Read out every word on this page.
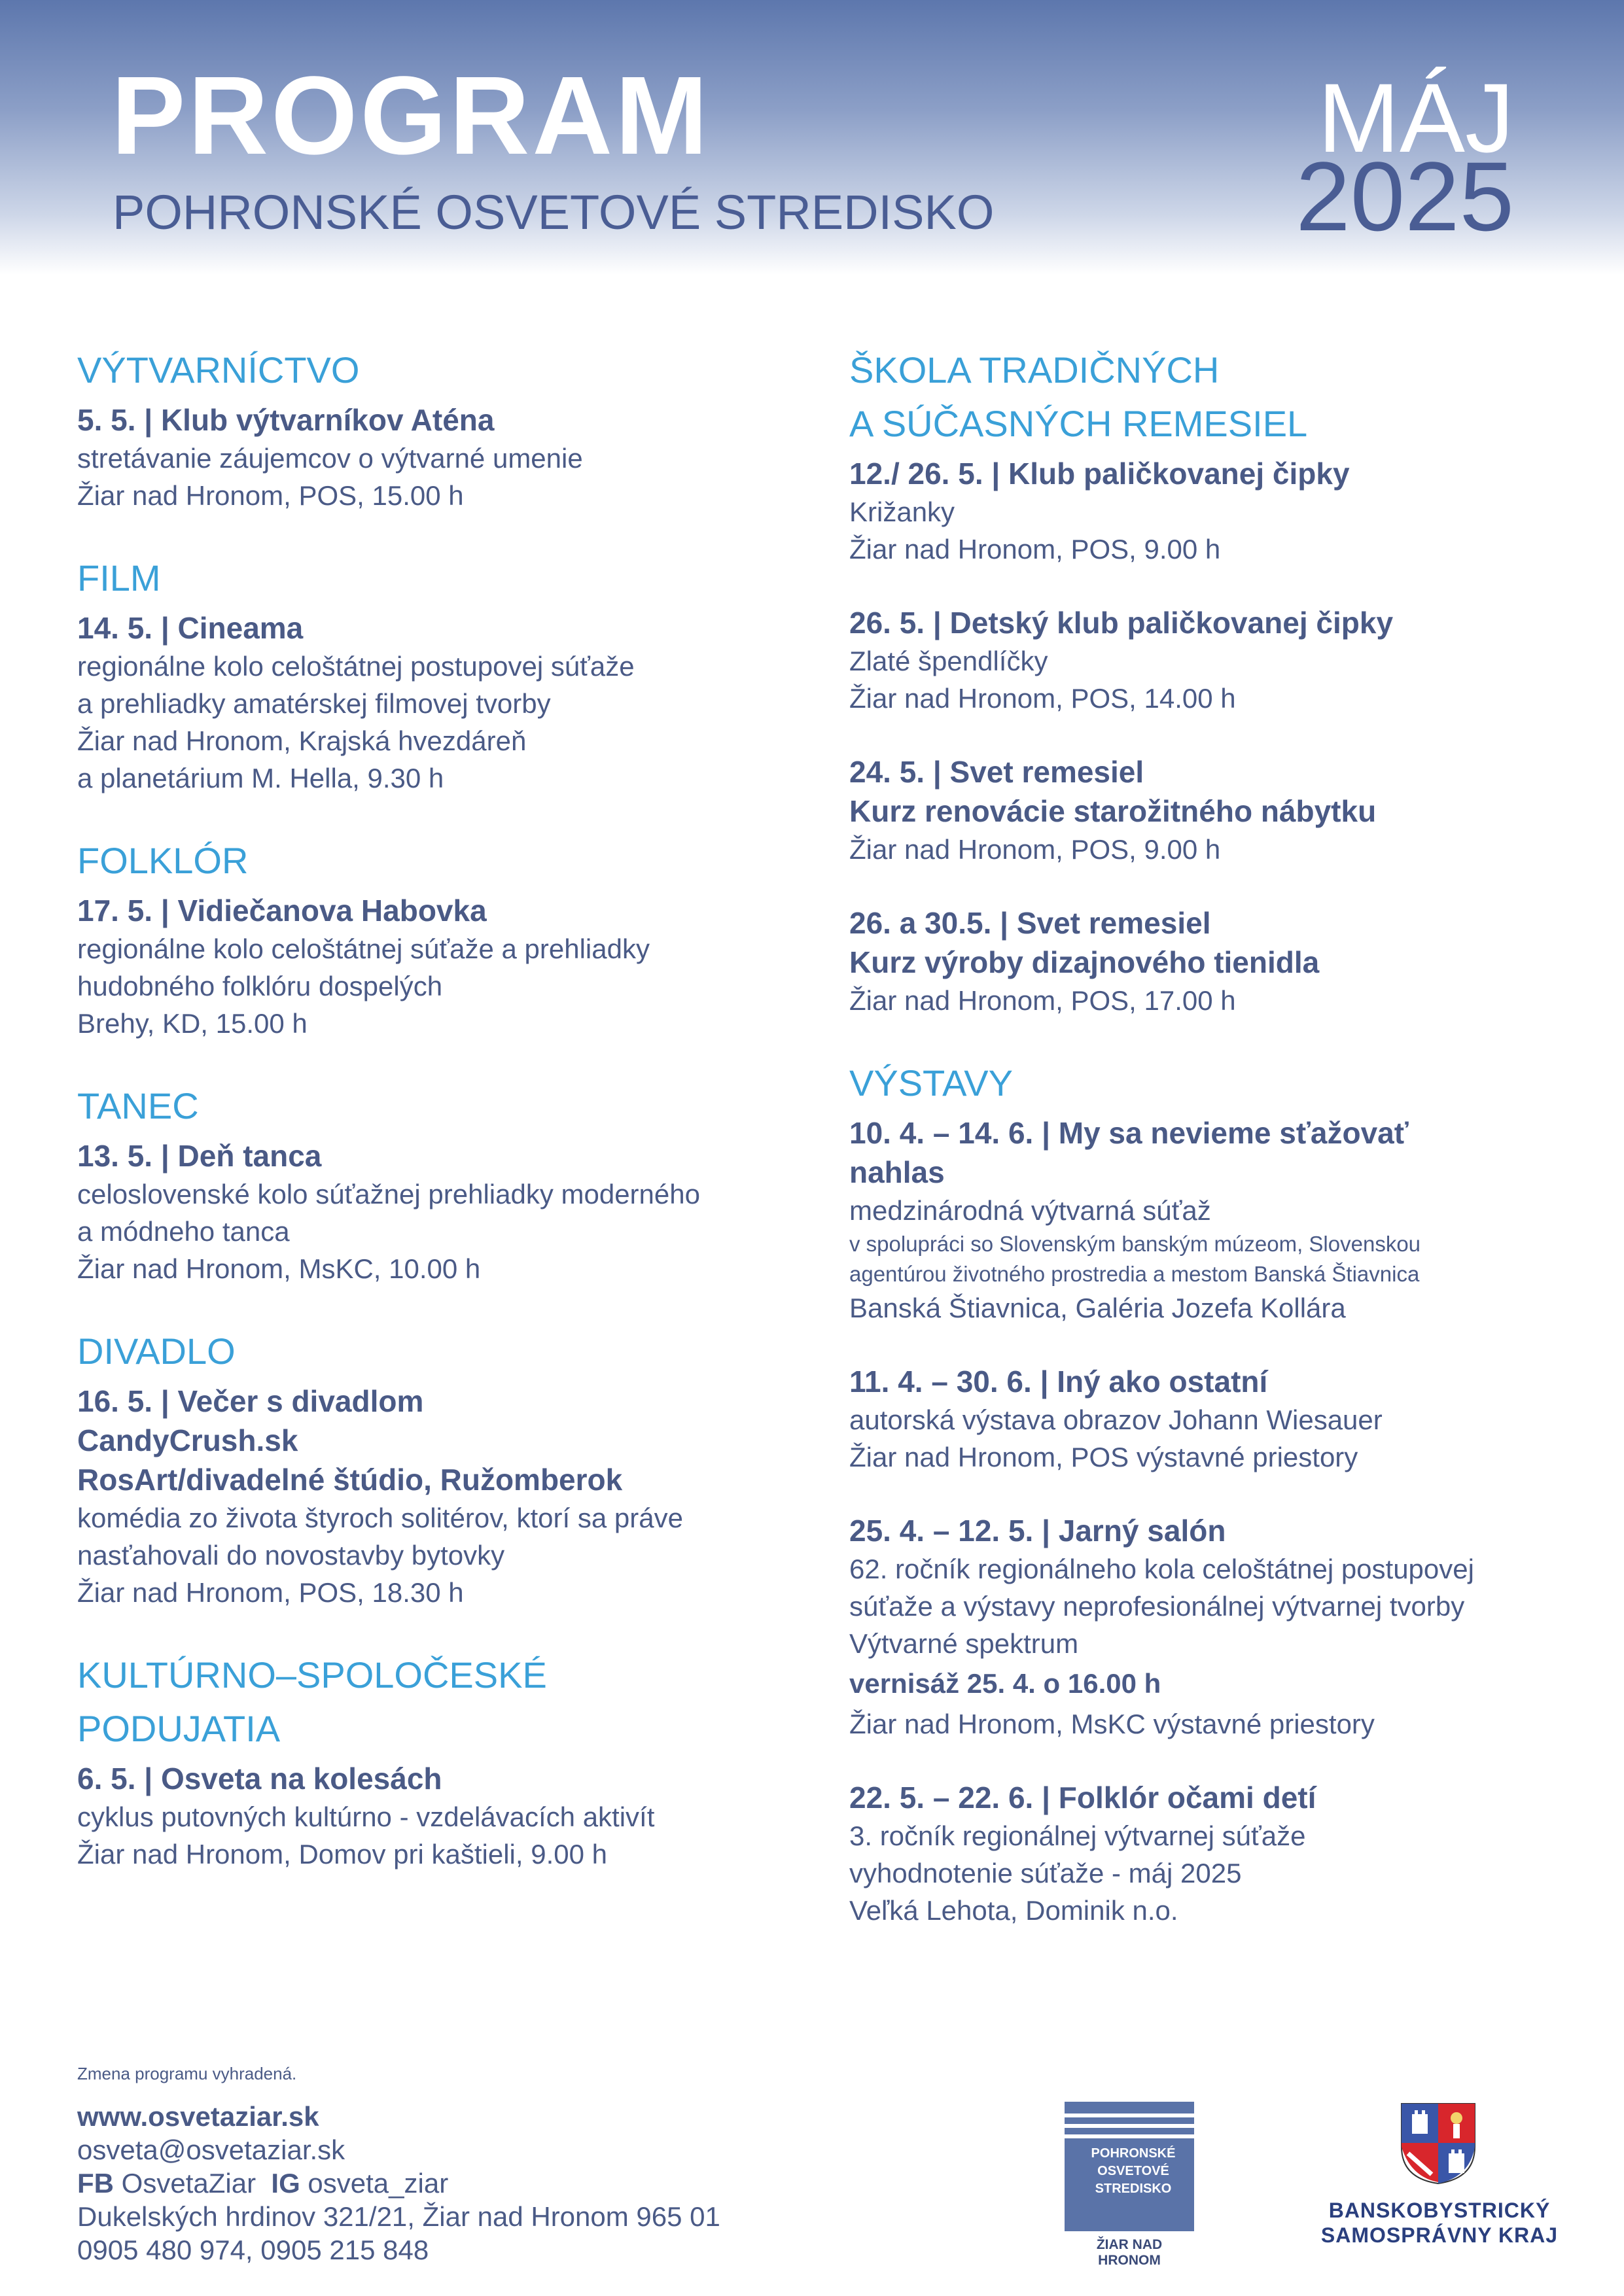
PROGRAM
POHRONSKÉ OSVETOVÉ STREDISKO
MÁJ
2025
VÝTVARNÍCTVO
5. 5. | Klub výtvarníkov Aténa
stretávanie záujemcov o výtvarné umenie
Žiar nad Hronom, POS, 15.00 h
FILM
14. 5. | Cineama
regionálne kolo celoštátnej postupovej súťaže
a prehliadky amatérskej filmovej tvorby
Žiar nad Hronom, Krajská hvezdáreň
a planetárium M. Hella, 9.30 h
FOLKLÓR
17. 5. | Vidiečanova Habovka
regionálne kolo celoštátnej súťaže a prehliadky
hudobného folklóru dospelých
Brehy, KD, 15.00 h
TANEC
13. 5. | Deň tanca
celoslovenské kolo súťažnej prehliadky moderného
a módneho tanca
Žiar nad Hronom, MsKC, 10.00 h
DIVADLO
16. 5. | Večer s divadlom
CandyCrush.sk
RosArt/divadelné štúdio, Ružomberok
komédia zo života štyroch solitérov, ktorí sa práve
nasťahovali do novostavby bytovky
Žiar nad Hronom, POS, 18.30 h
KULTÚRNO–SPOLOČESKÉ
PODUJATIA
6. 5. | Osveta na kolesách
cyklus putovných kultúrno - vzdelávacích aktivít
Žiar nad Hronom, Domov pri kaštieli, 9.00 h
ŠKOLA TRADIČNÝCH
A SÚČASNÝCH REMESIEL
12./ 26. 5. | Klub paličkovanej čipky
Križanky
Žiar nad Hronom, POS, 9.00 h
26. 5. | Detský klub paličkovanej čipky
Zlaté špendlíčky
Žiar nad Hronom, POS, 14.00 h
24. 5. | Svet remesiel
Kurz renovácie starožitného nábytku
Žiar nad Hronom, POS, 9.00 h
26. a 30.5. | Svet remesiel
Kurz výroby dizajnového tienidla
Žiar nad Hronom, POS, 17.00 h
VÝSTAVY
10. 4. – 14. 6. | My sa nevieme sťažovať
nahlas
medzinárodná výtvarná súťaž
v spolupráci so Slovenským banským múzeom, Slovenskou
agentúrou životného prostredia a mestom Banská Štiavnica
Banská Štiavnica, Galéria Jozefa Kollára
11. 4. – 30. 6. | Iný ako ostatní
autorská výstava obrazov Johann Wiesauer
Žiar nad Hronom, POS výstavné priestory
25. 4. – 12. 5. | Jarný salón
62. ročník regionálneho kola celoštátnej postupovej
súťaže a výstavy neprofesionálnej výtvarnej tvorby
Výtvarné spektrum
vernisáž 25. 4. o 16.00 h
Žiar nad Hronom, MsKC výstavné priestory
22. 5. – 22. 6. | Folklór očami detí
3. ročník regionálnej výtvarnej súťaže
vyhodnotenie súťaže - máj 2025
Veľká Lehota, Dominik n.o.
Zmena programu vyhradená.
www.osvetaziar.sk
osveta@osvetaziar.sk
FB OsvetaZiar IG osveta_ziar
Dukelských hrdinov 321/21, Žiar nad Hronom 965 01
0905 480 974, 0905 215 848
POHRONSKÉ
OSVETOVÉ
STREDISKO
ŽIAR NAD HRONOM
BANSKOBYSTRICKÝ
SAMOSPRÁVNY KRAJ
